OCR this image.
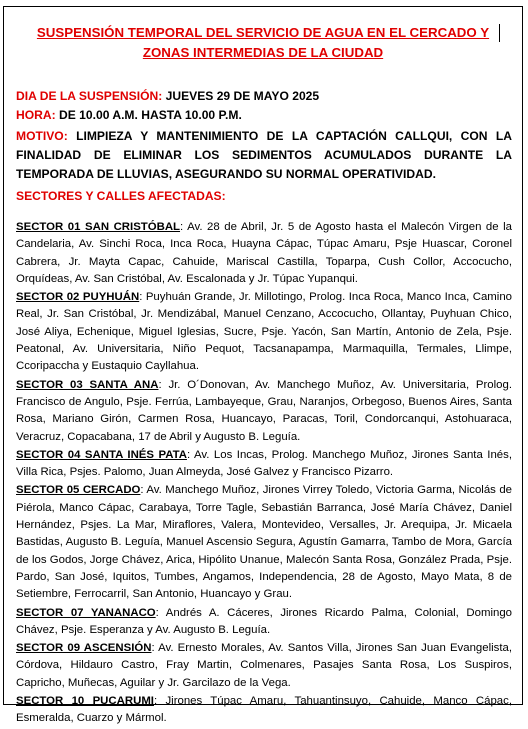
SUSPENSIÓN TEMPORAL DEL SERVICIO DE AGUA EN EL CERCADO Y
ZONAS INTERMEDIAS DE LA CIUDAD
DIA DE LA SUSPENSIÓN: JUEVES 29 DE MAYO 2025
HORA: DE 10.00 A.M. HASTA 10.00 P.M.
MOTIVO: LIMPIEZA Y MANTENIMIENTO DE LA CAPTACIÓN CALLQUI, CON LA FINALIDAD DE ELIMINAR LOS SEDIMENTOS ACUMULADOS DURANTE LA TEMPORADA DE LLUVIAS, ASEGURANDO SU NORMAL OPERATIVIDAD.
SECTORES Y CALLES AFECTADAS:
SECTOR 01 SAN CRISTÓBAL: Av. 28 de Abril, Jr. 5 de Agosto hasta el Malecón Virgen de la Candelaria, Av. Sinchi Roca, Inca Roca, Huayna Cápac, Túpac Amaru, Psje Huascar, Coronel Cabrera, Jr. Mayta Capac, Cahuide, Mariscal Castilla, Toparpa, Cush Collor, Accocucho, Orquídeas, Av. San Cristóbal, Av. Escalonada y Jr. Túpac Yupanqui.
SECTOR 02 PUYHUÁN: Puyhuán Grande, Jr. Millotingo, Prolog. Inca Roca, Manco Inca, Camino Real, Jr. San Cristóbal, Jr. Mendizábal, Manuel Cenzano, Accocucho, Ollantay, Puyhuan Chico, José Aliya, Echenique, Miguel Iglesias, Sucre, Psje. Yacón, San Martín, Antonio de Zela, Psje. Peatonal, Av. Universitaria, Niño Pequot, Tacsanapampa, Marmaquilla, Termales, Llimpe, Ccoripaccha y Eustaquio Cayllahua.
SECTOR 03 SANTA ANA: Jr. O´Donovan, Av. Manchego Muñoz, Av. Universitaria, Prolog. Francisco de Angulo, Psje. Ferrúa, Lambayeque, Grau, Naranjos, Orbegoso, Buenos Aires, Santa Rosa, Mariano Girón, Carmen Rosa, Huancayo, Paracas, Toril, Condorcanqui, Astohuaraca, Veracruz, Copacabana, 17 de Abril y Augusto B. Leguía.
SECTOR 04 SANTA INÉS PATA: Av. Los Incas, Prolog. Manchego Muñoz, Jirones Santa Inés, Villa Rica, Psjes. Palomo, Juan Almeyda, José Galvez y Francisco Pizarro.
SECTOR 05 CERCADO: Av. Manchego Muñoz, Jirones Virrey Toledo, Victoria Garma, Nicolás de Piérola, Manco Cápac, Carabaya, Torre Tagle, Sebastián Barranca, José María Chávez, Daniel Hernández, Psjes. La Mar, Miraflores, Valera, Montevideo, Versalles, Jr. Arequipa, Jr. Micaela Bastidas, Augusto B. Leguía, Manuel Ascensio Segura, Agustín Gamarra, Tambo de Mora, García de los Godos, Jorge Chávez, Arica, Hipólito Unanue, Malecón Santa Rosa, González Prada, Psje. Pardo, San José, Iquitos, Tumbes, Angamos, Independencia, 28 de Agosto, Mayo Mata, 8 de Setiembre, Ferrocarril, San Antonio, Huancayo y Grau.
SECTOR 07 YANANACO: Andrés A. Cáceres, Jirones Ricardo Palma, Colonial, Domingo Chávez, Psje. Esperanza y Av. Augusto B. Leguía.
SECTOR 09 ASCENSIÓN: Av. Ernesto Morales, Av. Santos Villa, Jirones San Juan Evangelista, Córdova, Hildauro Castro, Fray Martin, Colmenares, Pasajes Santa Rosa, Los Suspiros, Capricho, Muñecas, Aguilar y Jr. Garcilazo de la Vega.
SECTOR 10 PUCARUMI: Jirones Túpac Amaru, Tahuantinsuyo, Cahuide, Manco Cápac, Esmeralda, Cuarzo y Mármol.
